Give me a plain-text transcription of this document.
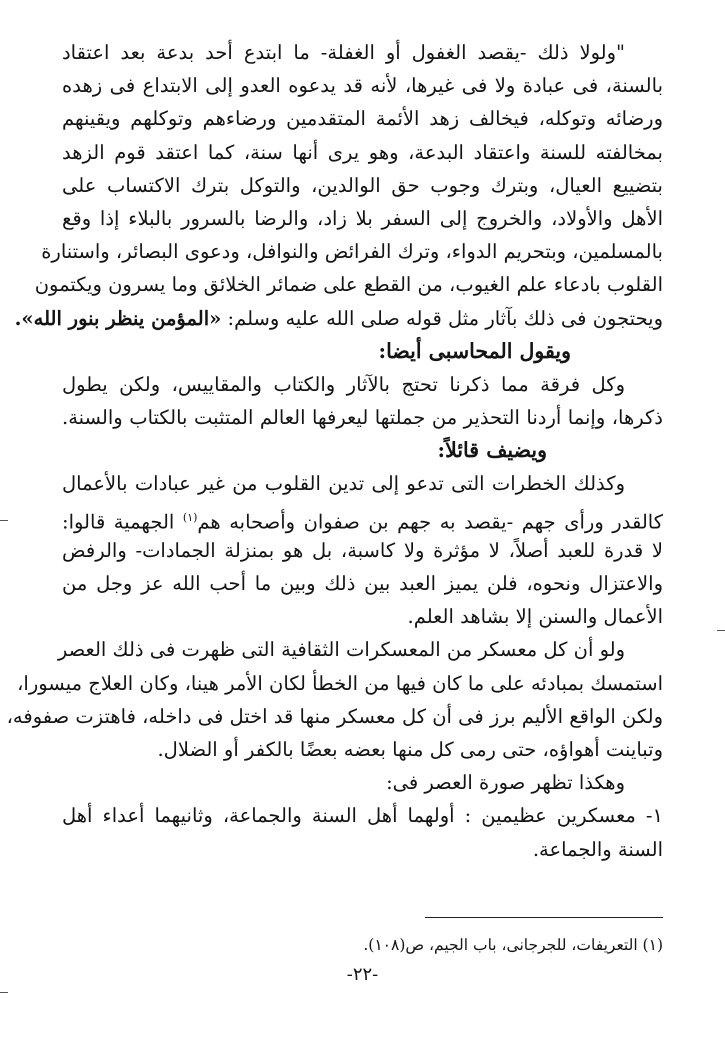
"ولولا ذلك -يقصد الغفول أو الغفلة- ما ابتدع أحد بدعة بعد اعتقاد
بالسنة، فى عبادة ولا فى غيرها، لأنه قد يدعوه العدو إلى الابتداع فى زهده
ورضائه وتوكله، فيخالف زهد الأئمة المتقدمين ورضاءهم وتوكلهم ويقينهم
بمخالفته للسنة واعتقاد البدعة، وهو يرى أنها سنة، كما اعتقد قوم الزهد
بتضييع العيال، وبترك وجوب حق الوالدين، والتوكل بترك الاكتساب على
الأهل والأولاد، والخروج إلى السفر بلا زاد، والرضا بالسرور بالبلاء إذا وقع
بالمسلمين، وبتحريم الدواء، وترك الفرائض والنوافل، ودعوى البصائر، واستنارة
القلوب بادعاء علم الغيوب، من القطع على ضمائر الخلائق وما يسرون ويكتمون
ويحتجون فى ذلك بآثار مثل قوله صلى الله عليه وسلم: «المؤمن ينظر بنور الله».
ويقول المحاسبى أيضا:
وكل فرقة مما ذكرنا تحتج بالآثار والكتاب والمقاييس، ولكن يطول
ذكرها، وإنما أردنا التحذير من جملتها ليعرفها العالم المتثبت بالكتاب والسنة.
ويضيف قائلاً:
وكذلك الخطرات التى تدعو إلى تدين القلوب من غير عبادات بالأعمال
كالقدر ورأى جهم -يقصد به جهم بن صفوان وأصحابه هم$^{(١)}$ الجهمية قالوا:
لا قدرة للعبد أصلاً، لا مؤثرة ولا كاسبة، بل هو بمنزلة الجمادات- والرفض
والاعتزال ونحوه، فلن يميز العبد بين ذلك وبين ما أحب الله عز وجل من
الأعمال والسنن إلا بشاهد العلم.
ولو أن كل معسكر من المعسكرات الثقافية التى ظهرت فى ذلك العصر
استمسك بمبادئه على ما كان فيها من الخطأ لكان الأمر هينا، وكان العلاج ميسورا،
ولكن الواقع الأليم برز فى أن كل معسكر منها قد اختل فى داخله، فاهتزت صفوفه،
وتباينت أهواؤه، حتى رمى كل منها بعضه بعضًا بالكفر أو الضلال.
وهكذا تظهر صورة العصر فى:
١- معسكرين عظيمين : أولهما أهل السنة والجماعة، وثانيهما أعداء أهل
السنة والجماعة.
(١) التعريفات، للجرجانى، باب الجيم، ص(١٠٨).
-٢٢-
